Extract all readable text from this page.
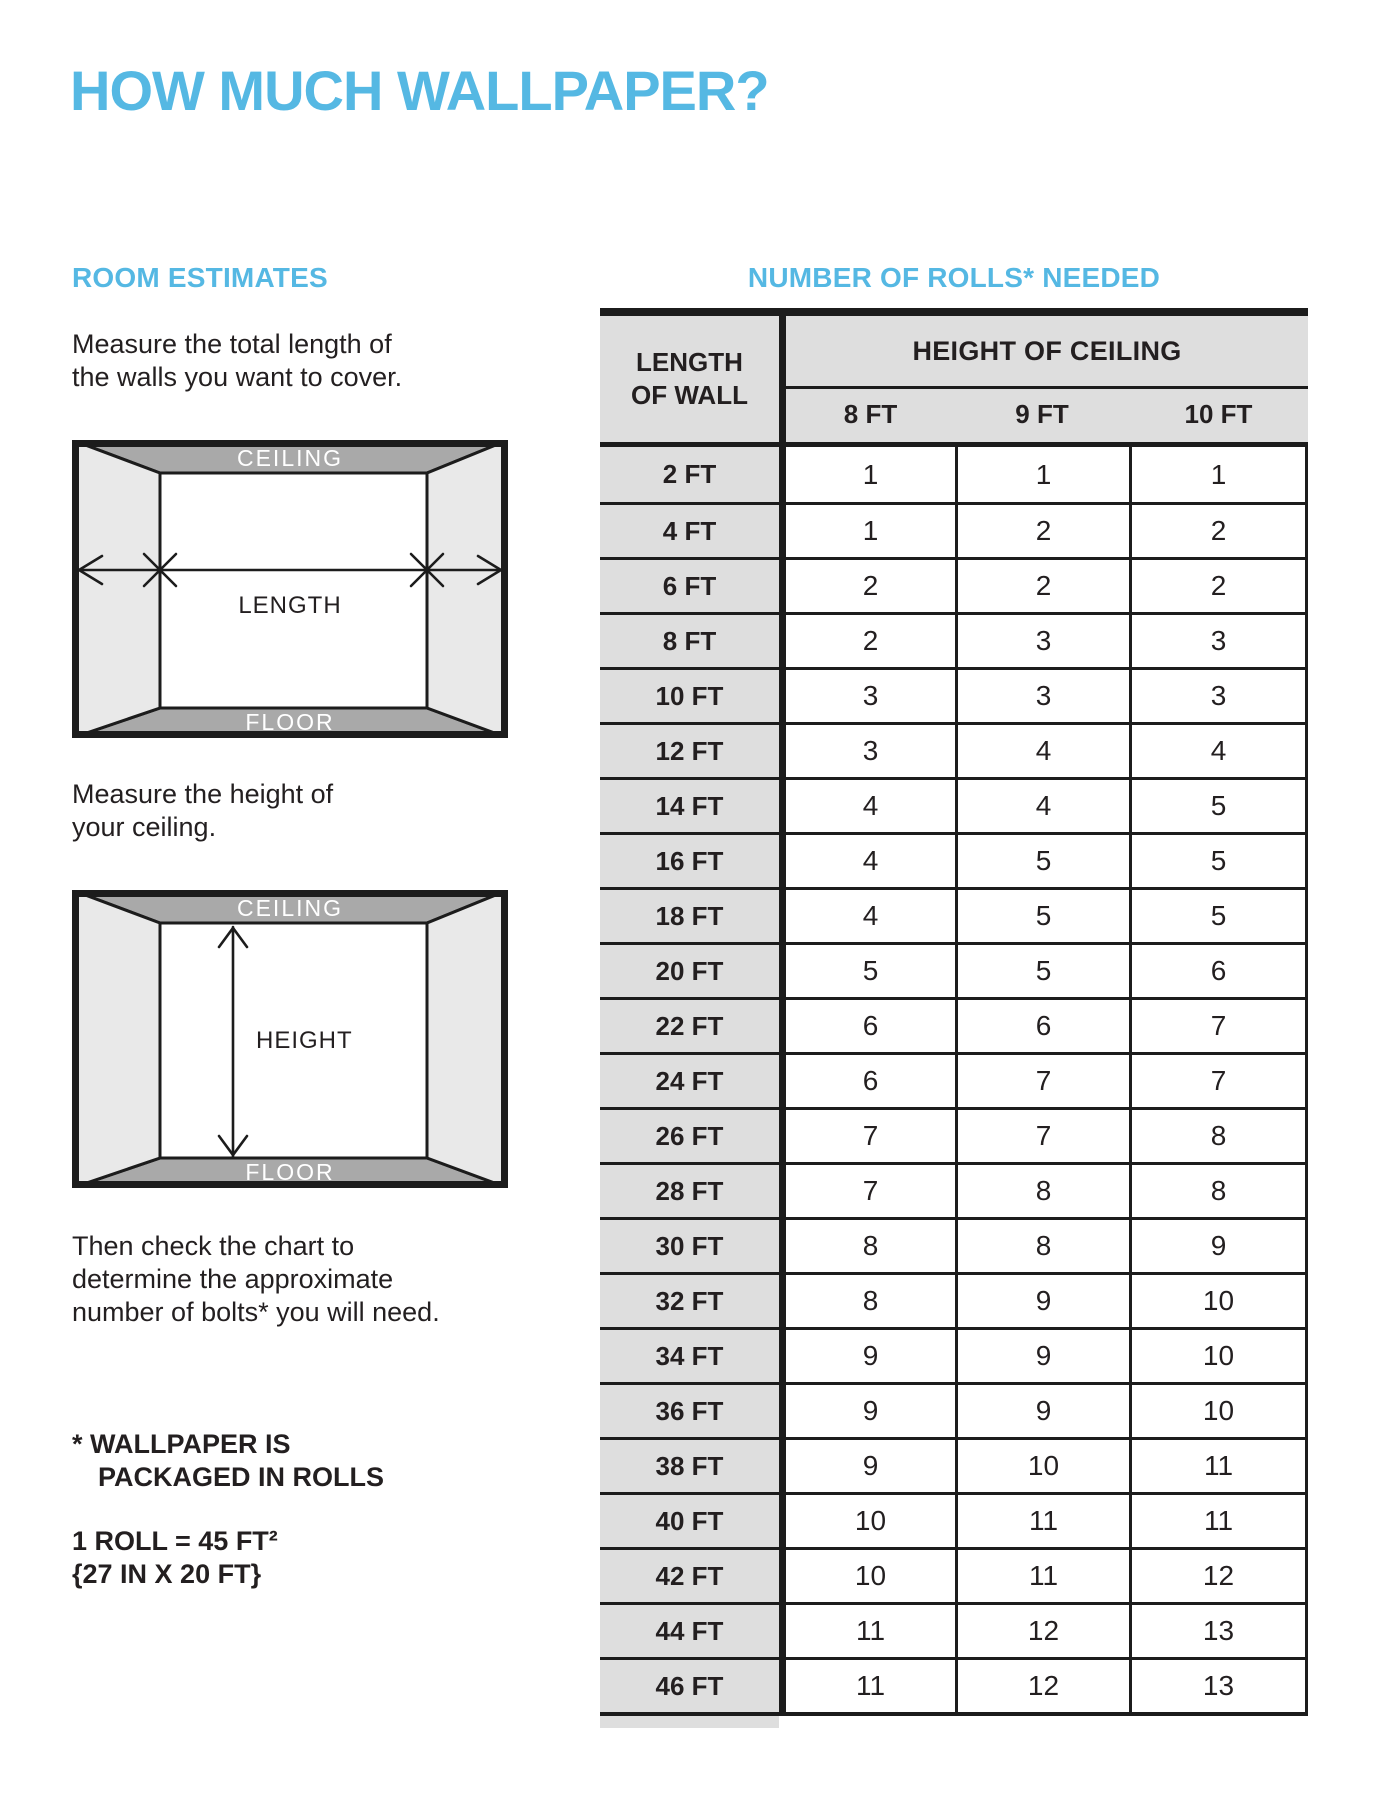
HOW MUCH WALLPAPER?
ROOM ESTIMATES	NUMBER OF ROLLS* NEEDED
Measure the total length of
the walls you want to cover.
CEILING
FLOOR
LENGTH
Measure the height of
your ceiling.
CEILING
FLOOR
HEIGHT
Then check the chart to
determine the approximate
number of bolts* you will need.
* WALLPAPER IS
PACKAGED IN ROLLS
1 ROLL = 45 FT²
{27 IN X 20 FT}
LENGTH
OF WALL
HEIGHT OF CEILING
8 FT	9 FT	10 FT
2 FT	1	1	1
4 FT	1	2	2
6 FT	2	2	2
8 FT	2	3	3
10 FT	3	3	3
12 FT	3	4	4
14 FT	4	4	5
16 FT	4	5	5
18 FT	4	5	5
20 FT	5	5	6
22 FT	6	6	7
24 FT	6	7	7
26 FT	7	7	8
28 FT	7	8	8
30 FT	8	8	9
32 FT	8	9	10
34 FT	9	9	10
36 FT	9	9	10
38 FT	9	10	11
40 FT	10	11	11
42 FT	10	11	12
44 FT	11	12	13
46 FT	11	12	13
